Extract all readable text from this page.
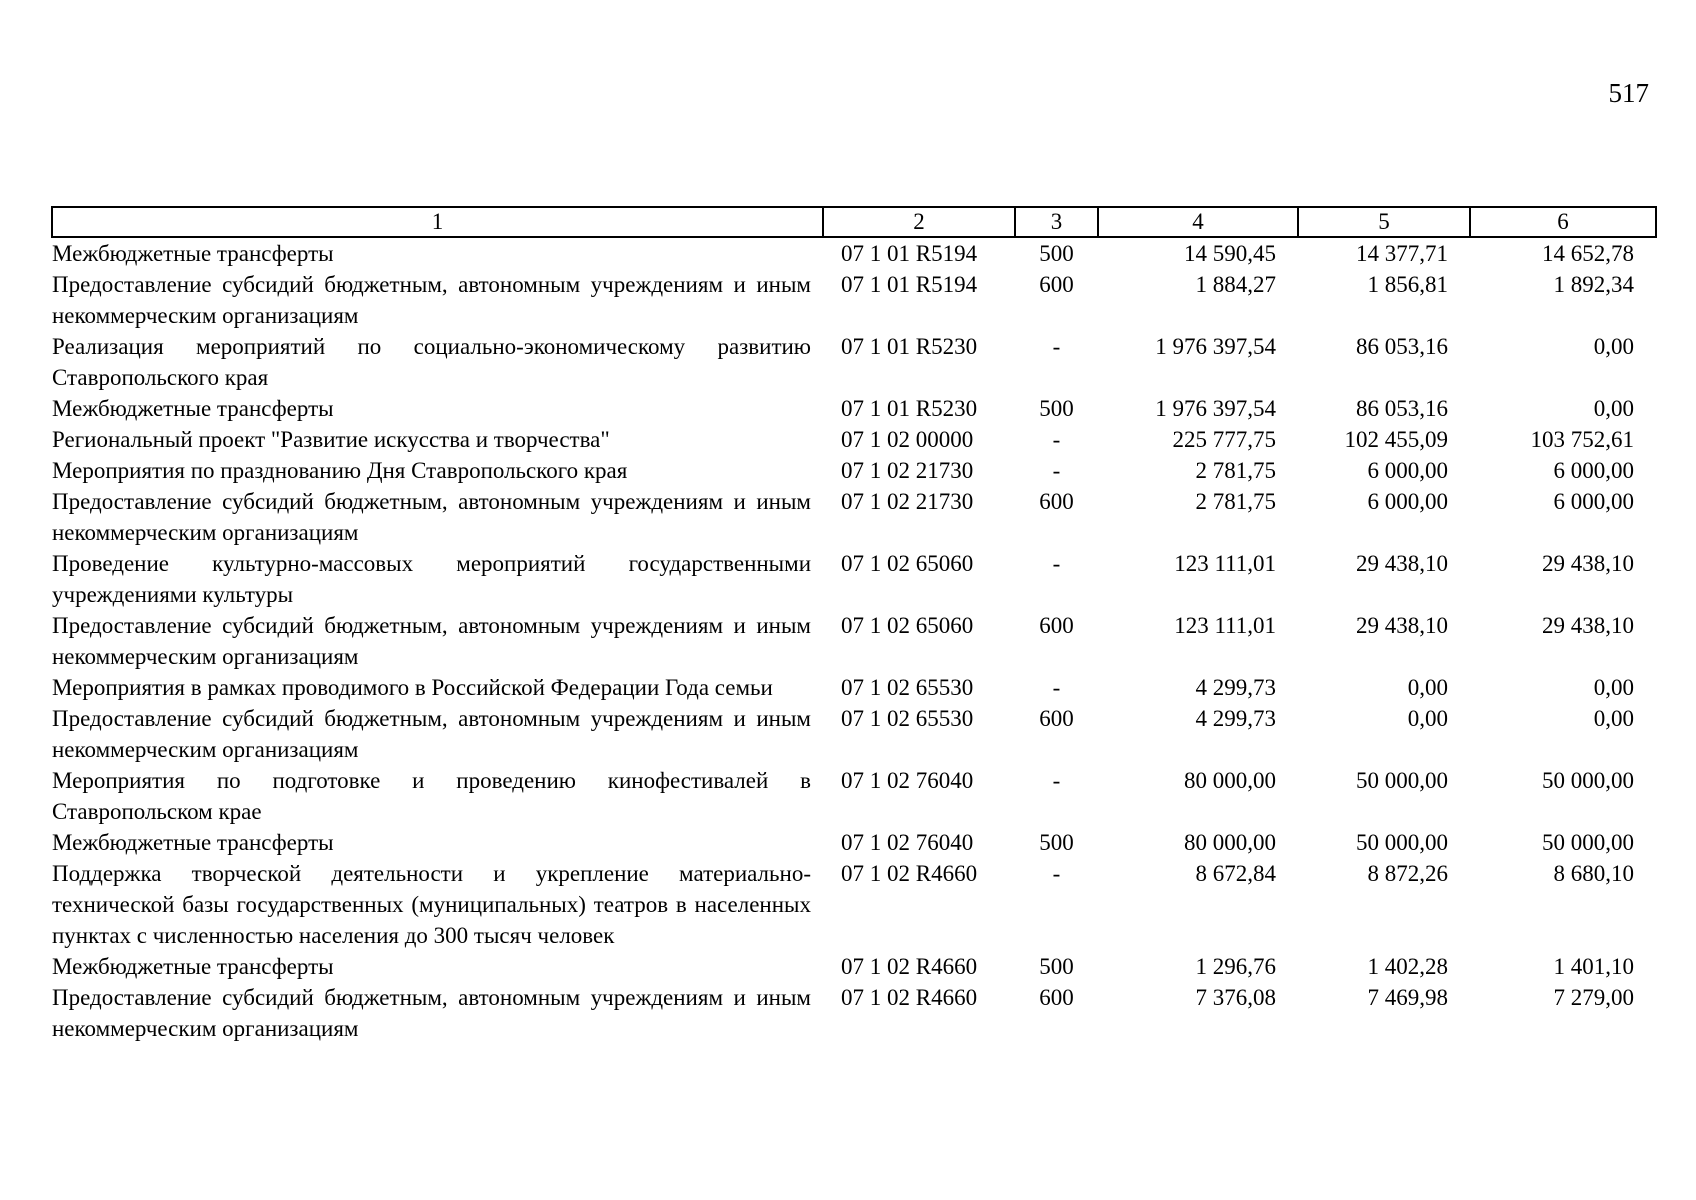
517
1	2	3	4	5	6
Межбюджетные трансферты	07 1 01 R5194	500	14 590,45	14 377,71	14 652,78
Предоставление субсидий бюджетным, автономным учреждениям и иным некоммерческим организациям	07 1 01 R5194	600	1 884,27	1 856,81	1 892,34
Реализация мероприятий по социально-экономическому развитию Ставропольского края	07 1 01 R5230	-	1 976 397,54	86 053,16	0,00
Межбюджетные трансферты	07 1 01 R5230	500	1 976 397,54	86 053,16	0,00
Региональный проект "Развитие искусства и творчества"	07 1 02 00000	-	225 777,75	102 455,09	103 752,61
Мероприятия по празднованию Дня Ставропольского края	07 1 02 21730	-	2 781,75	6 000,00	6 000,00
Предоставление субсидий бюджетным, автономным учреждениям и иным некоммерческим организациям	07 1 02 21730	600	2 781,75	6 000,00	6 000,00
Проведение культурно-массовых мероприятий государственными учреждениями культуры	07 1 02 65060	-	123 111,01	29 438,10	29 438,10
Предоставление субсидий бюджетным, автономным учреждениям и иным некоммерческим организациям	07 1 02 65060	600	123 111,01	29 438,10	29 438,10
Мероприятия в рамках проводимого в Российской Федерации Года семьи	07 1 02 65530	-	4 299,73	0,00	0,00
Предоставление субсидий бюджетным, автономным учреждениям и иным некоммерческим организациям	07 1 02 65530	600	4 299,73	0,00	0,00
Мероприятия по подготовке и проведению кинофестивалей в Ставропольском крае	07 1 02 76040	-	80 000,00	50 000,00	50 000,00
Межбюджетные трансферты	07 1 02 76040	500	80 000,00	50 000,00	50 000,00
Поддержка творческой деятельности и укрепление материально-технической базы государственных (муниципальных) театров в населенных пунктах с численностью населения до 300 тысяч человек	07 1 02 R4660	-	8 672,84	8 872,26	8 680,10
Межбюджетные трансферты	07 1 02 R4660	500	1 296,76	1 402,28	1 401,10
Предоставление субсидий бюджетным, автономным учреждениям и иным некоммерческим организациям	07 1 02 R4660	600	7 376,08	7 469,98	7 279,00
